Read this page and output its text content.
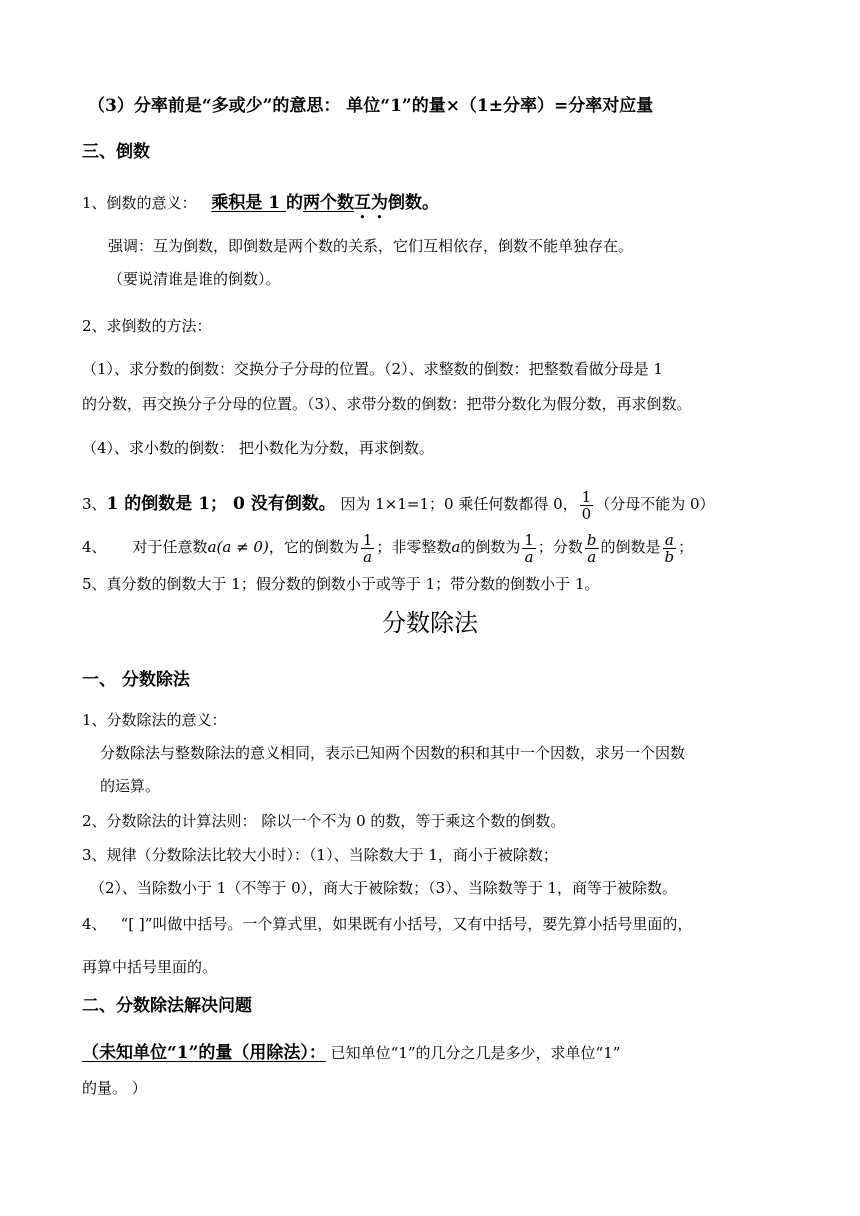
（3）分率前是“多或少”的意思： 单位“1”的量×（1±分率）=分率对应量
三、倒数
1、倒数的意义： 乘积是 1 的两个数互为倒数。
强调：互为倒数，即倒数是两个数的关系，它们互相依存，倒数不能单独存在。
（要说清谁是谁的倒数）。
2、求倒数的方法：
（1）、求分数的倒数：交换分子分母的位置。（2）、求整数的倒数：把整数看做分母是 1
的分数，再交换分子分母的位置。（3）、求带分数的倒数：把带分数化为假分数，再求倒数。
（4）、求小数的倒数： 把小数化为分数，再求倒数。
3、1 的倒数是 1； 0 没有倒数。 因为 1×1=1；0 乘任何数都得 0， $\frac{1}{0}$ （分母不能为 0）
4、 对于任意数a(a ≠ 0)，它的倒数为 $\frac{1}{a}$ ；非零整数a的倒数为 $\frac{1}{a}$ ；分数 $\frac{b}{a}$ 的倒数是 $\frac{a}{b}$ ；
5、真分数的倒数大于 1；假分数的倒数小于或等于 1；带分数的倒数小于 1。
分数除法
一、 分数除法
1、分数除法的意义：
分数除法与整数除法的意义相同，表示已知两个因数的积和其中一个因数，求另一个因数
的运算。
2、分数除法的计算法则： 除以一个不为 0 的数，等于乘这个数的倒数。
3、规律（分数除法比较大小时）：（1）、当除数大于 1，商小于被除数；
（2）、当除数小于 1（不等于 0），商大于被除数；（3）、当除数等于 1，商等于被除数。
4、 “[ ]”叫做中括号。一个算式里，如果既有小括号，又有中括号，要先算小括号里面的，
再算中括号里面的。
二、分数除法解决问题
（未知单位“1”的量（用除法）： 已知单位“1”的几分之几是多少，求单位“1”
的量。 ）
